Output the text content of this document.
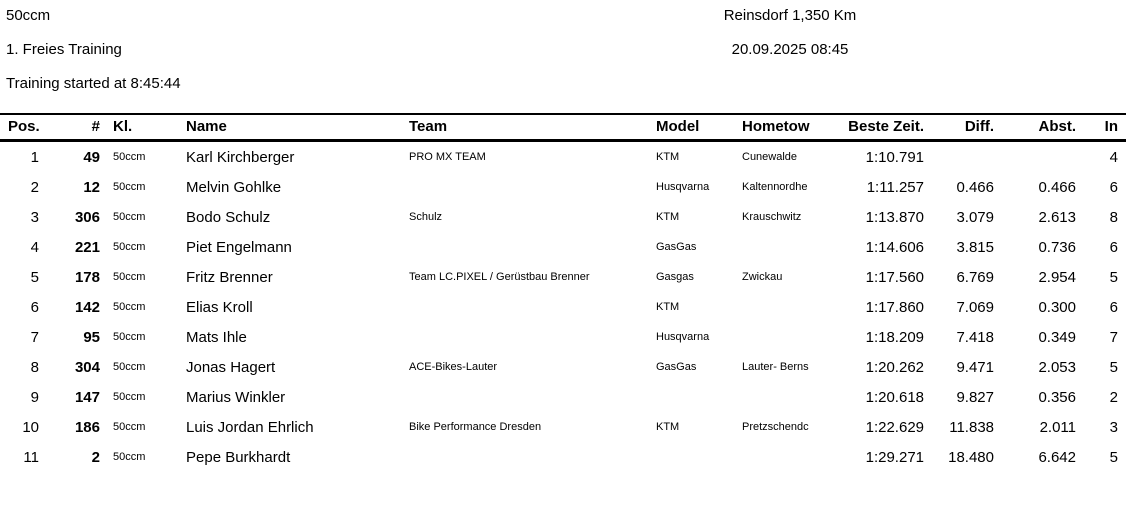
50ccm
1. Freies Training
Training started at 8:45:44
Reinsdorf 1,350 Km
20.09.2025 08:45
Pos.	#	Kl.	Name	Team	Model	Hometow	Beste Zeit.	Diff.	Abst.	In
1	49	50ccm	Karl Kirchberger	PRO MX TEAM	KTM	Cunewalde	1:10.791			4
2	12	50ccm	Melvin Gohlke		Husqvarna	Kaltennordhe	1:11.257	0.466	0.466	6
3	306	50ccm	Bodo Schulz	Schulz	KTM	Krauschwitz	1:13.870	3.079	2.613	8
4	221	50ccm	Piet Engelmann		GasGas		1:14.606	3.815	0.736	6
5	178	50ccm	Fritz Brenner	Team LC.PIXEL / Gerüstbau Brenner	Gasgas	Zwickau	1:17.560	6.769	2.954	5
6	142	50ccm	Elias Kroll		KTM		1:17.860	7.069	0.300	6
7	95	50ccm	Mats Ihle		Husqvarna		1:18.209	7.418	0.349	7
8	304	50ccm	Jonas Hagert	ACE-Bikes-Lauter	GasGas	Lauter- Berns	1:20.262	9.471	2.053	5
9	147	50ccm	Marius Winkler				1:20.618	9.827	0.356	2
10	186	50ccm	Luis Jordan Ehrlich	Bike Performance Dresden	KTM	Pretzschendc	1:22.629	11.838	2.011	3
11	2	50ccm	Pepe Burkhardt				1:29.271	18.480	6.642	5
